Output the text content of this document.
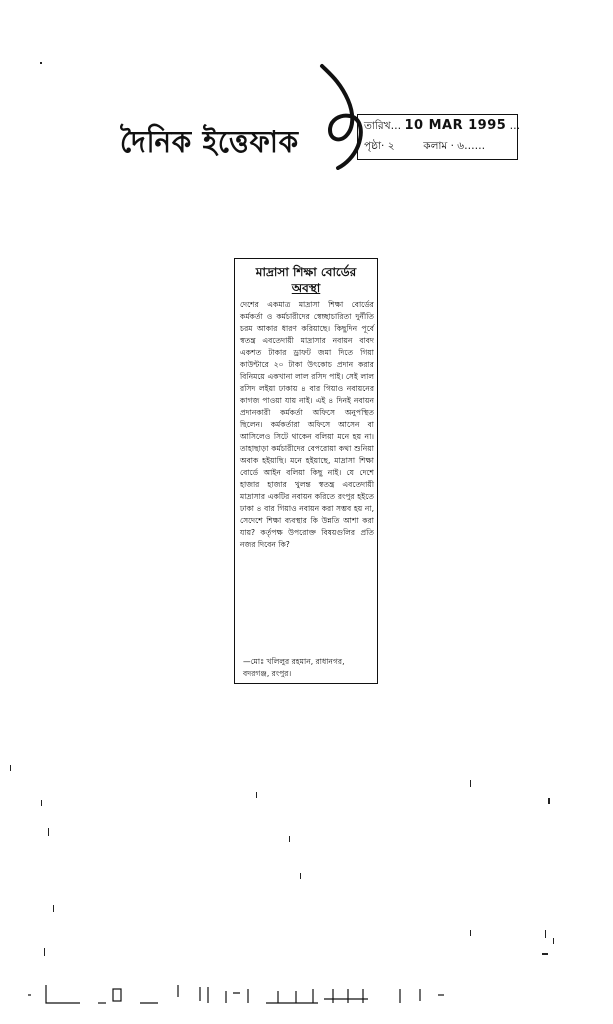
দৈনিক ইত্তেফাক	তারিখ… 10 MAR 1995 …
পৃষ্ঠা· ২	কলাম · ৬……
মাদ্রাসা শিক্ষা বোর্ডের
অবস্থা
দেশের একমাত্র মাদ্রাসা শিক্ষা বোর্ডের কর্মকর্তা ও কর্মচারীদের স্বেচ্ছাচারিতা দুর্নীতি চরম আকার ধারণ করিয়াছে। কিছুদিন পূর্বে স্বতন্ত্র এবতেদায়ী মাদ্রাসার নবায়ন বাবদ একশত টাকার ড্রাফট জমা দিতে গিয়া কাউন্টারে ২০ টাকা উৎকোচ প্রদান করার বিনিময়ে একখানা লাল রসিদ পাই। সেই লাল রসিদ লইয়া ঢাকায় ৪ বার গিয়াও নবায়নের কাগজ পাওয়া যায় নাই। এই ৪ দিনই নবায়ন প্রদানকারী কর্মকর্তা অফিসে অনুপস্থিত ছিলেন। কর্মকর্তারা অফিসে আসেন বা আসিলেও সিটে থাকেন বলিয়া মনে হয় না। তাহাছাড়া কর্মচারীদের বেপরোয়া কথা শুনিয়া অবাক হইয়াছি। মনে হইয়াছে, মাদ্রাসা শিক্ষা বোর্ডে আইন বলিয়া কিছু নাই। যে দেশে হাজার হাজার খুলন্ত স্বতন্ত্র এবতেদায়ী মাদ্রাসার একটির নবায়ন করিতে রংপুর হইতে ঢাকা ৪ বার গিয়াও নবায়ন করা সম্ভব হয় না, সেদেশে শিক্ষা ব্যবস্থার কি উন্নতি আশা করা যায়? কর্তৃপক্ষ উপরোক্ত বিষয়গুলির প্রতি নজর দিবেন কি?
—মোঃ খলিলুর রহমান, রাধানগর, বদরগঞ্জ, রংপুর।
